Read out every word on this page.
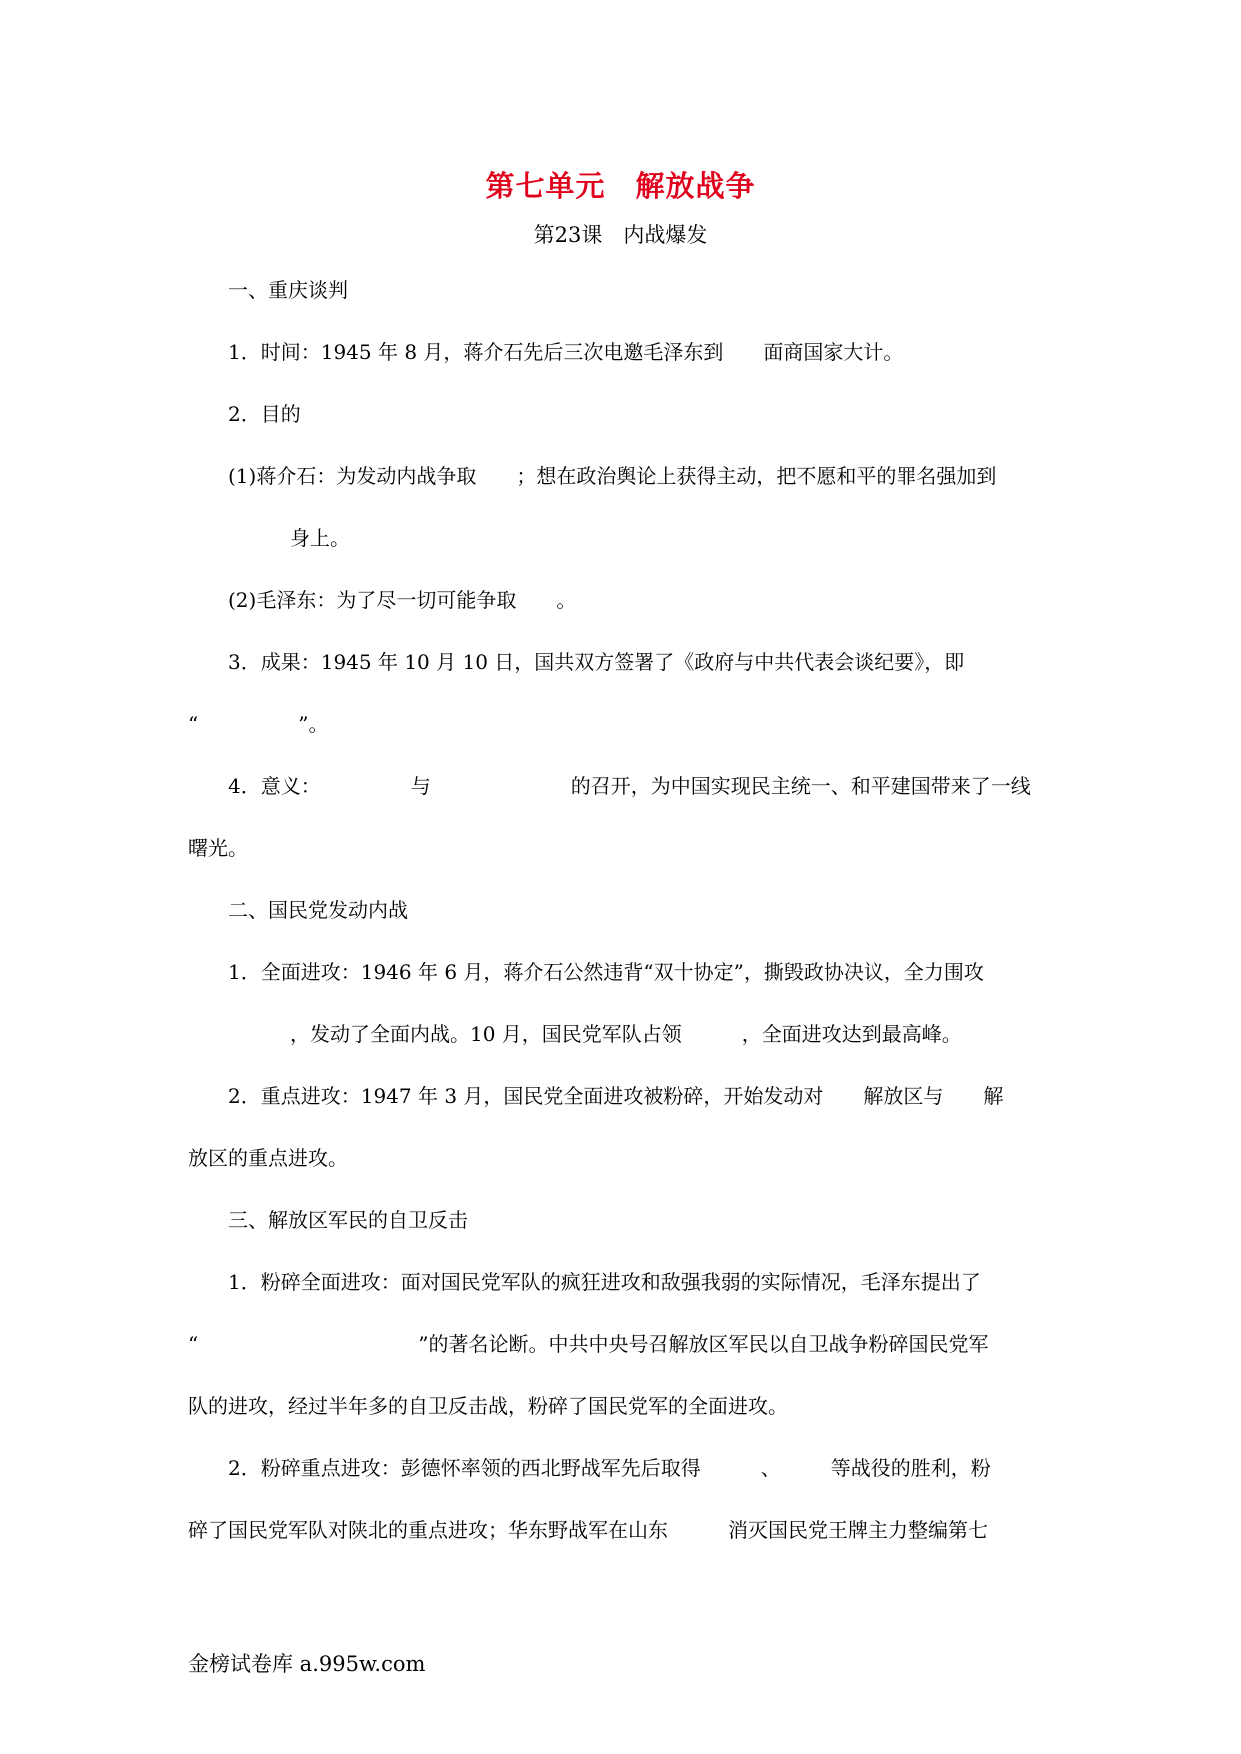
第七单元　解放战争
第23课　内战爆发
一、重庆谈判
1．时间：1945 年 8 月，蒋介石先后三次电邀毛泽东到　　面商国家大计。
2．目的
(1)蒋介石：为发动内战争取　　；想在政治舆论上获得主动，把不愿和平的罪名强加到
身上。
(2)毛泽东：为了尽一切可能争取　　。
3．成果：1945 年 10 月 10 日，国共双方签署了《政府与中共代表会谈纪要》，即
“　　　　　”。
4．意义：　　　　　与　　　　　　　的召开，为中国实现民主统一、和平建国带来了一线
曙光。
二、国民党发动内战
1．全面进攻：1946 年 6 月，蒋介石公然违背“双十协定”，撕毁政协决议，全力围攻
，发动了全面内战。10 月，国民党军队占领　　　，全面进攻达到最高峰。
2．重点进攻：1947 年 3 月，国民党全面进攻被粉碎，开始发动对　　解放区与　　解
放区的重点进攻。
三、解放区军民的自卫反击
1．粉碎全面进攻：面对国民党军队的疯狂进攻和敌强我弱的实际情况，毛泽东提出了
“　　　　　　　　　　　”的著名论断。中共中央号召解放区军民以自卫战争粉碎国民党军
队的进攻，经过半年多的自卫反击战，粉碎了国民党军的全面进攻。
2．粉碎重点进攻：彭德怀率领的西北野战军先后取得　　　、　　　等战役的胜利，粉
碎了国民党军队对陕北的重点进攻；华东野战军在山东　　　消灭国民党王牌主力整编第七
金榜试卷库 a.995w.com
